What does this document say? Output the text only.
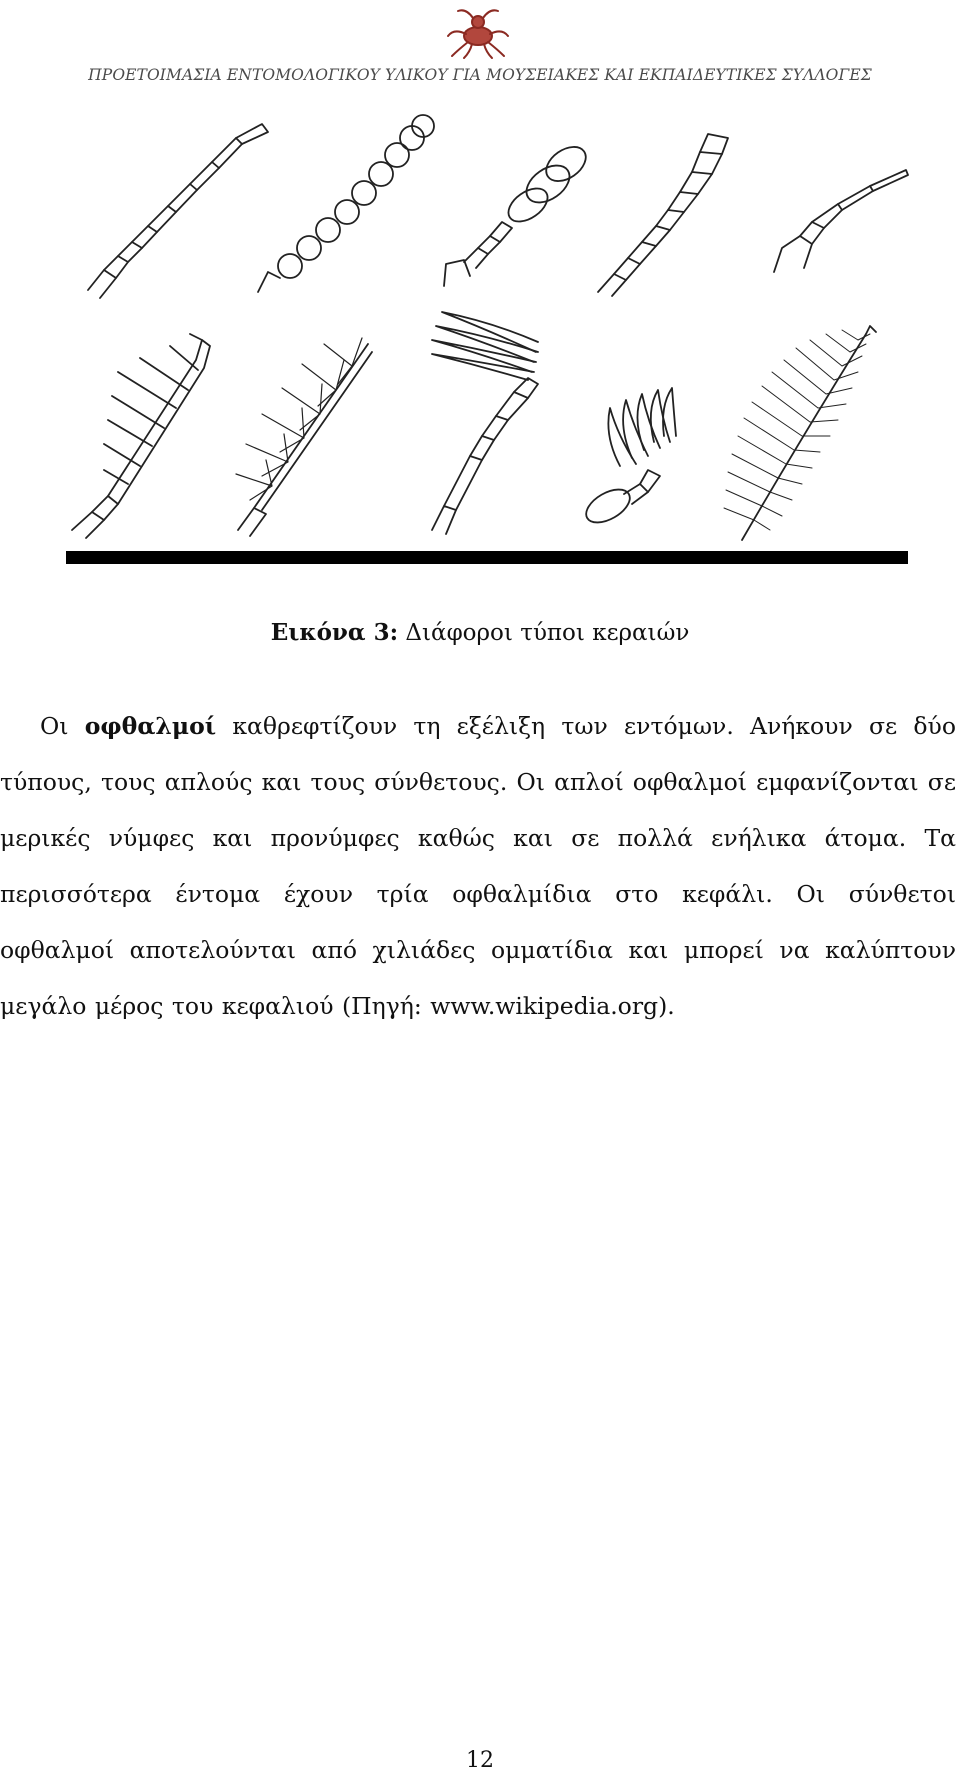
ΠΡΟΕΤΟΙΜΑΣΙΑ ΕΝΤΟΜΟΛΟΓΙΚΟΥ ΥΛΙΚΟΥ ΓΙΑ ΜΟΥΣΕΙΑΚΕΣ ΚΑΙ ΕΚΠΑΙΔΕΥΤΙΚΕΣ ΣΥΛΛΟΓΕΣ
Εικόνα 3: Διάφοροι τύποι κεραιών
Οι οφθαλμοί καθρεφτίζουν τη εξέλιξη των εντόμων. Ανήκουν σε δύο τύπους, τους απλούς και τους σύνθετους. Οι απλοί οφθαλμοί εμφανίζονται σε μερικές νύμφες και προνύμφες καθώς και σε πολλά ενήλικα άτομα. Τα περισσότερα έντομα έχουν τρία οφθαλμίδια στο κεφάλι. Οι σύνθετοι οφθαλμοί αποτελούνται από χιλιάδες ομματίδια και μπορεί να καλύπτουν μεγάλο μέρος του κεφαλιού (Πηγή: www.wikipedia.org).
12
